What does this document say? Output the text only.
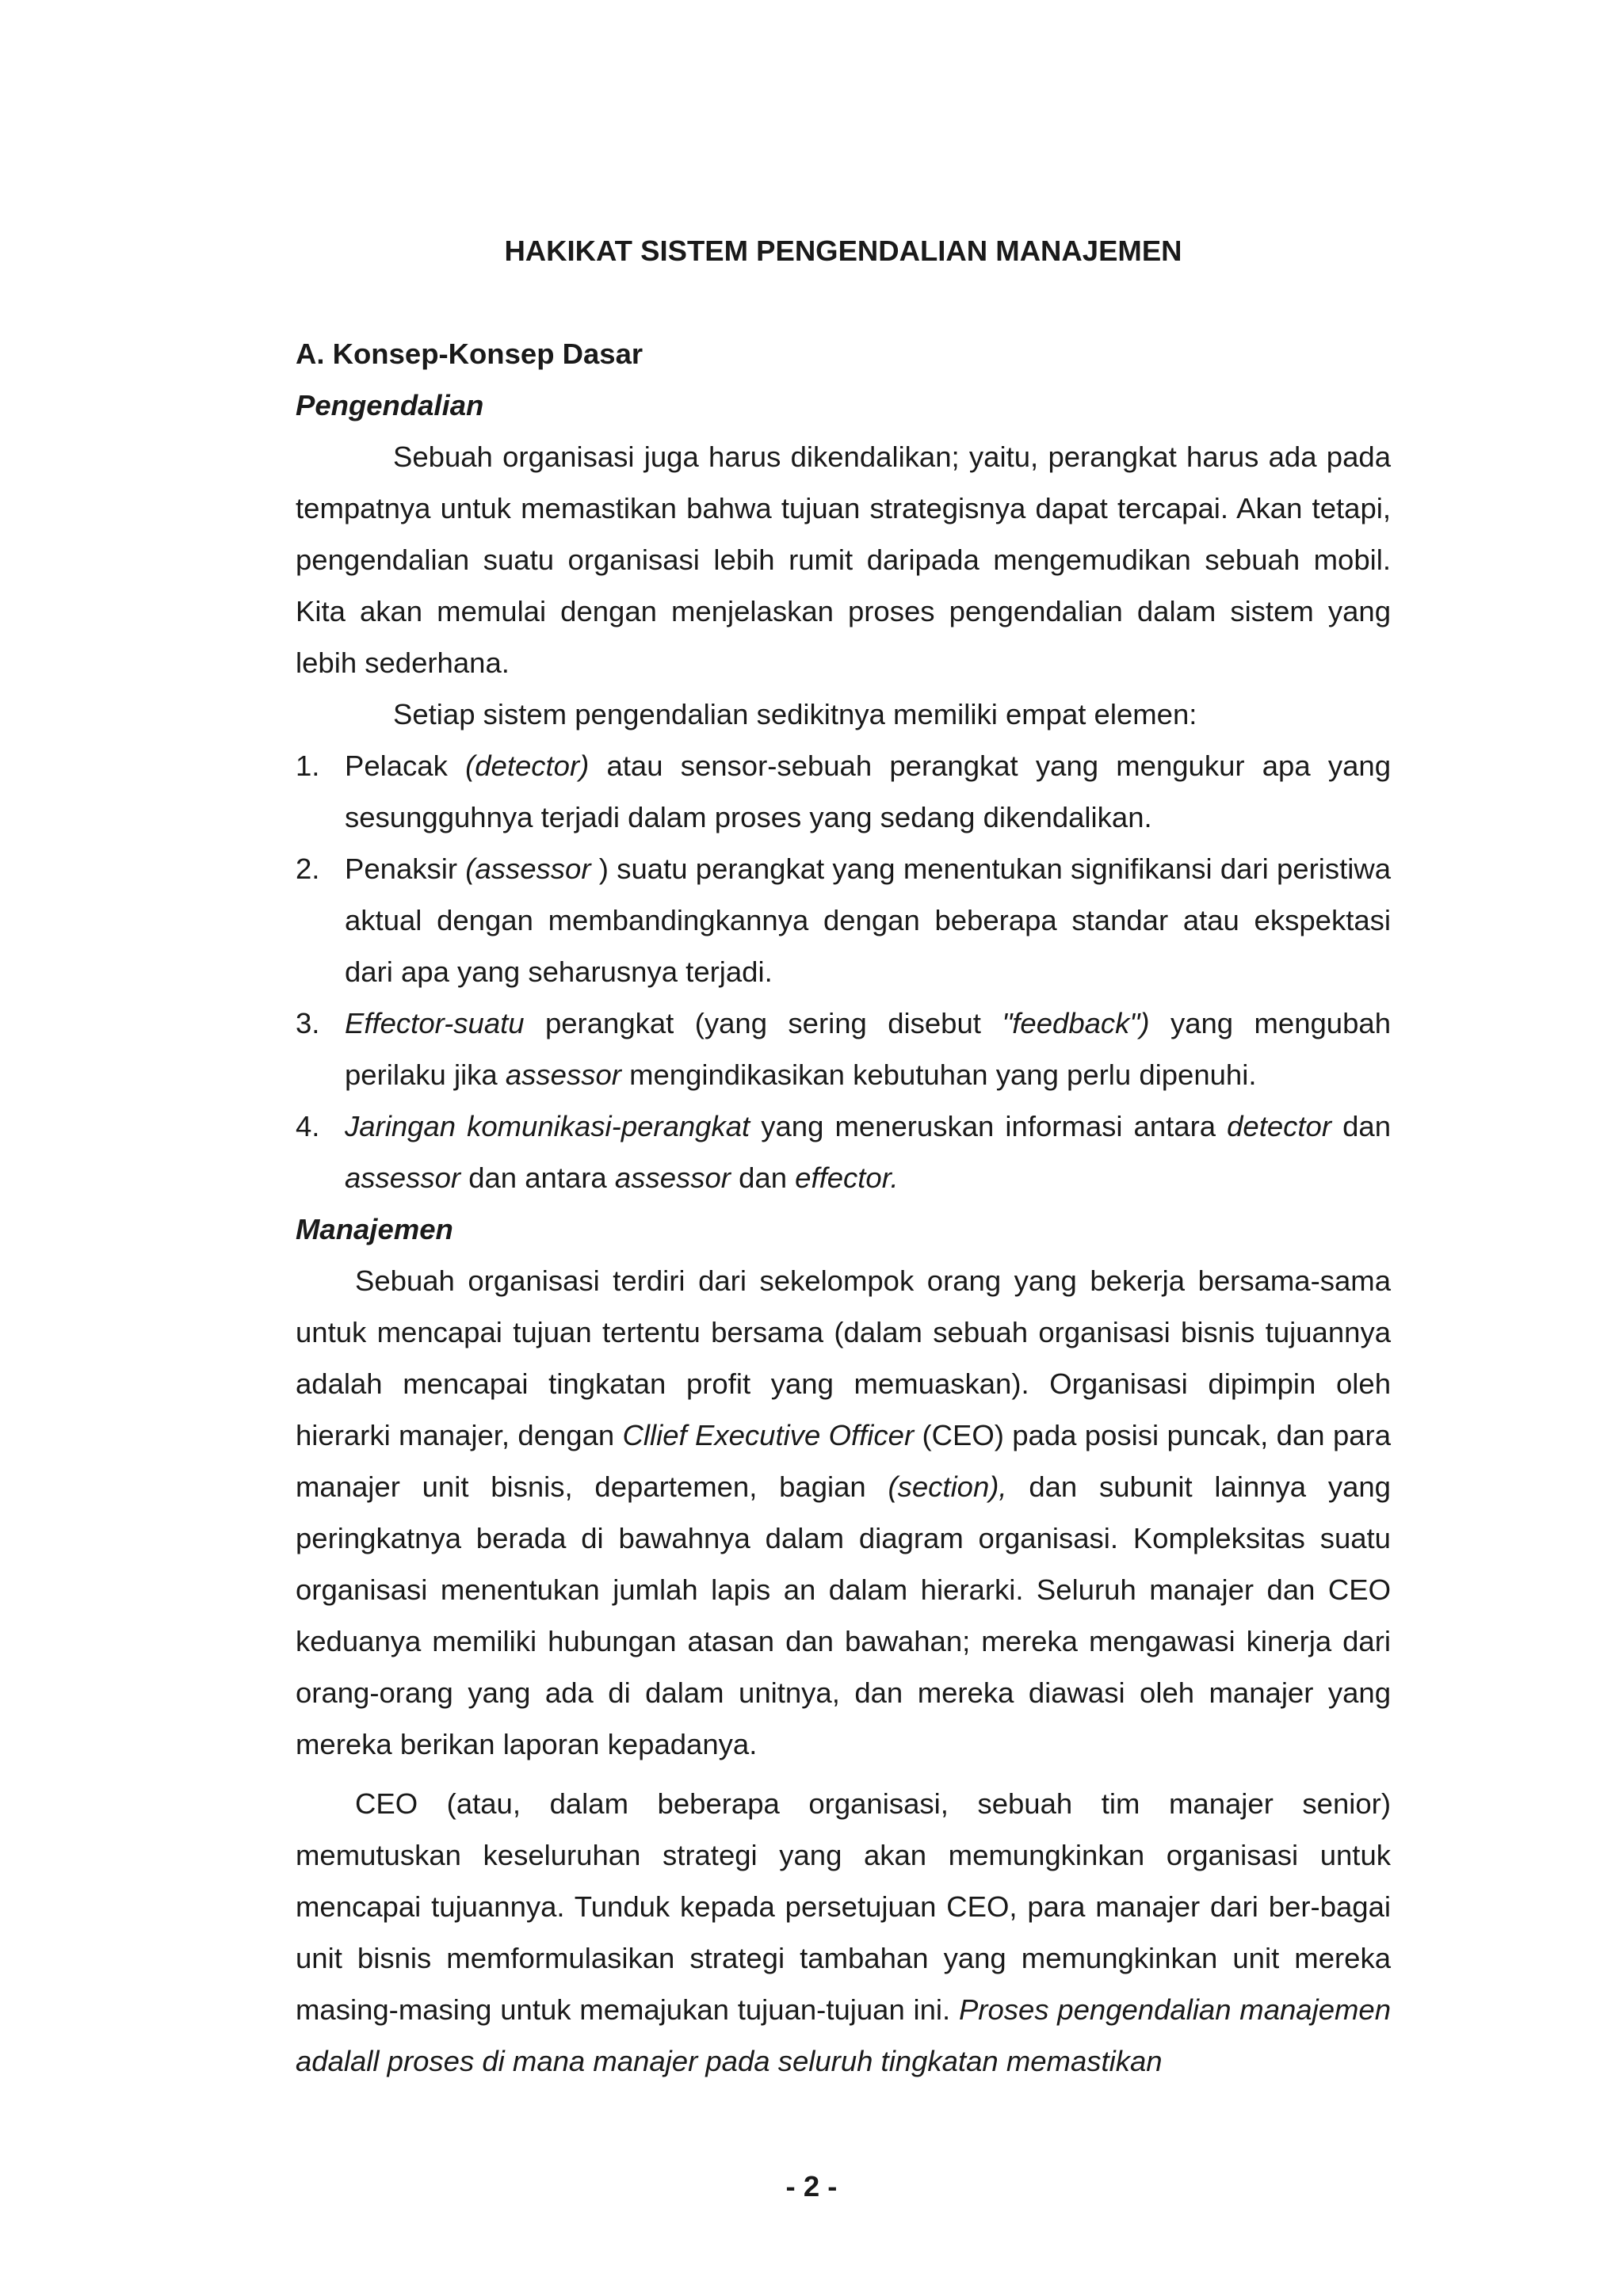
HAKIKAT SISTEM PENGENDALIAN MANAJEMEN

A. Konsep-Konsep Dasar

Pengendalian

Sebuah organisasi juga harus dikendalikan; yaitu, perangkat harus ada pada tempatnya untuk memastikan bahwa tujuan strategisnya dapat tercapai. Akan tetapi, pengendalian suatu organisasi lebih rumit daripada mengemudikan sebuah mobil. Kita akan memulai dengan menjelaskan proses pengendalian dalam sistem yang lebih sederhana.

Setiap sistem pengendalian sedikitnya memiliki empat elemen:

1. Pelacak (detector) atau sensor-sebuah perangkat yang mengukur apa yang sesungguhnya terjadi dalam proses yang sedang dikendalikan.
2. Penaksir (assessor ) suatu perangkat yang menentukan signifikansi dari peristiwa aktual dengan membandingkannya dengan beberapa standar atau ekspektasi dari apa yang seharusnya terjadi.
3. Effector-suatu perangkat (yang sering disebut "feedback") yang mengubah perilaku jika assessor mengindikasikan kebutuhan yang perlu dipenuhi.
4. Jaringan komunikasi-perangkat yang meneruskan informasi antara detector dan assessor dan antara assessor dan effector.

Manajemen

Sebuah organisasi terdiri dari sekelompok orang yang bekerja bersama-sama untuk mencapai tujuan tertentu bersama (dalam sebuah organisasi bisnis tujuannya adalah mencapai tingkatan profit yang memuaskan). Organisasi dipimpin oleh hierarki manajer, dengan Cllief Executive Officer (CEO) pada posisi puncak, dan para manajer unit bisnis, departemen, bagian (section), dan subunit lainnya yang peringkatnya berada di bawahnya dalam diagram organisasi. Kompleksitas suatu organisasi menentukan jumlah lapis an dalam hierarki. Seluruh manajer dan CEO keduanya memiliki hubungan atasan dan bawahan; mereka mengawasi kinerja dari orang-orang yang ada di dalam unitnya, dan mereka diawasi oleh manajer yang mereka berikan laporan kepadanya.

CEO (atau, dalam beberapa organisasi, sebuah tim manajer senior) memutuskan keseluruhan strategi yang akan memungkinkan organisasi untuk mencapai tujuannya. Tunduk kepada persetujuan CEO, para manajer dari ber-bagai unit bisnis memformulasikan strategi tambahan yang memungkinkan unit mereka masing-masing untuk memajukan tujuan-tujuan ini. Proses pengendalian manajemen adalall proses di mana manajer pada seluruh tingkatan memastikan

- 2 -
